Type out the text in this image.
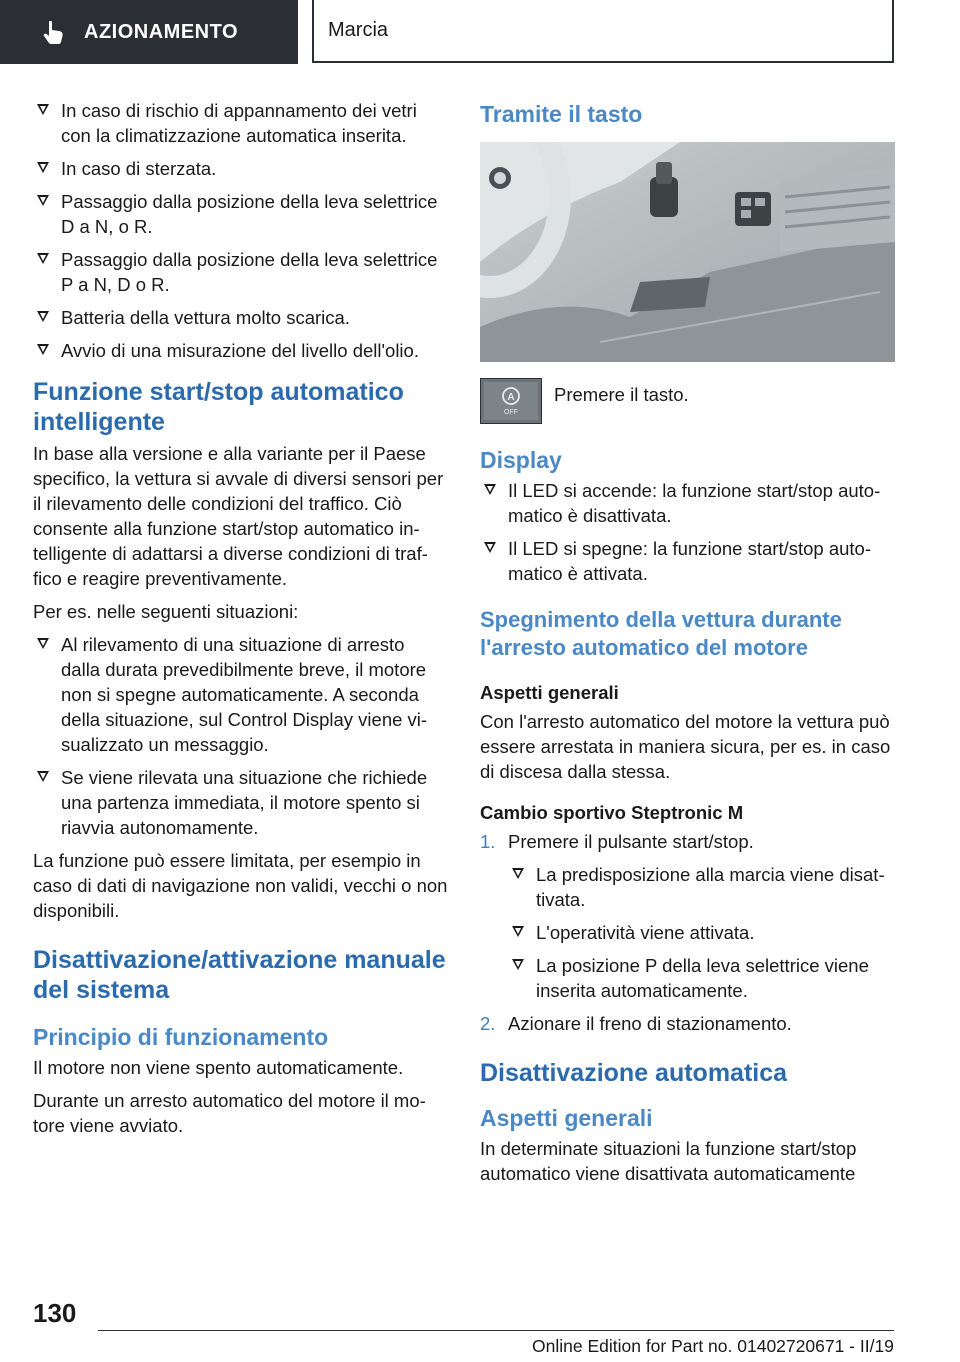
AZIONAMENTO	Marcia
In caso di rischio di appannamento dei vetri con la climatizzazione automatica inserita.
In caso di sterzata.
Passaggio dalla posizione della leva selettrice D a N, o R.
Passaggio dalla posizione della leva selettrice P a N, D o R.
Batteria della vettura molto scarica.
Avvio di una misurazione del livello dell'olio.
Funzione start/stop automatico intelligente
In base alla versione e alla variante per il Paese specifico, la vettura si avvale di diversi sensori per il rilevamento delle condizioni del traffico. Ciò consente alla funzione start/stop automatico in-telligente di adattarsi a diverse condizioni di traf-fico e reagire preventivamente.
Per es. nelle seguenti situazioni:
Al rilevamento di una situazione di arresto dalla durata prevedibilmente breve, il motore non si spegne automaticamente. A seconda della situazione, sul Control Display viene vi-sualizzato un messaggio.
Se viene rilevata una situazione che richiede una partenza immediata, il motore spento si riavvia autonomamente.
La funzione può essere limitata, per esempio in caso di dati di navigazione non validi, vecchi o non disponibili.
Disattivazione/attivazione manuale del sistema
Principio di funzionamento
Il motore non viene spento automaticamente.
Durante un arresto automatico del motore il mo-tore viene avviato.
Tramite il tasto
A
OFF
Premere il tasto.
Display
Il LED si accende: la funzione start/stop auto-matico è disattivata.
Il LED si spegne: la funzione start/stop auto-matico è attivata.
Spegnimento della vettura durante l'arresto automatico del motore
Aspetti generali
Con l'arresto automatico del motore la vettura può essere arrestata in maniera sicura, per es. in caso di discesa dalla stessa.
Cambio sportivo Steptronic M
1. Premere il pulsante start/stop.
La predisposizione alla marcia viene disat-tivata.
L'operatività viene attivata.
La posizione P della leva selettrice viene inserita automaticamente.
2. Azionare il freno di stazionamento.
Disattivazione automatica
Aspetti generali
In determinate situazioni la funzione start/stop automatico viene disattivata automaticamente
130
Online Edition for Part no. 01402720671 - II/19
